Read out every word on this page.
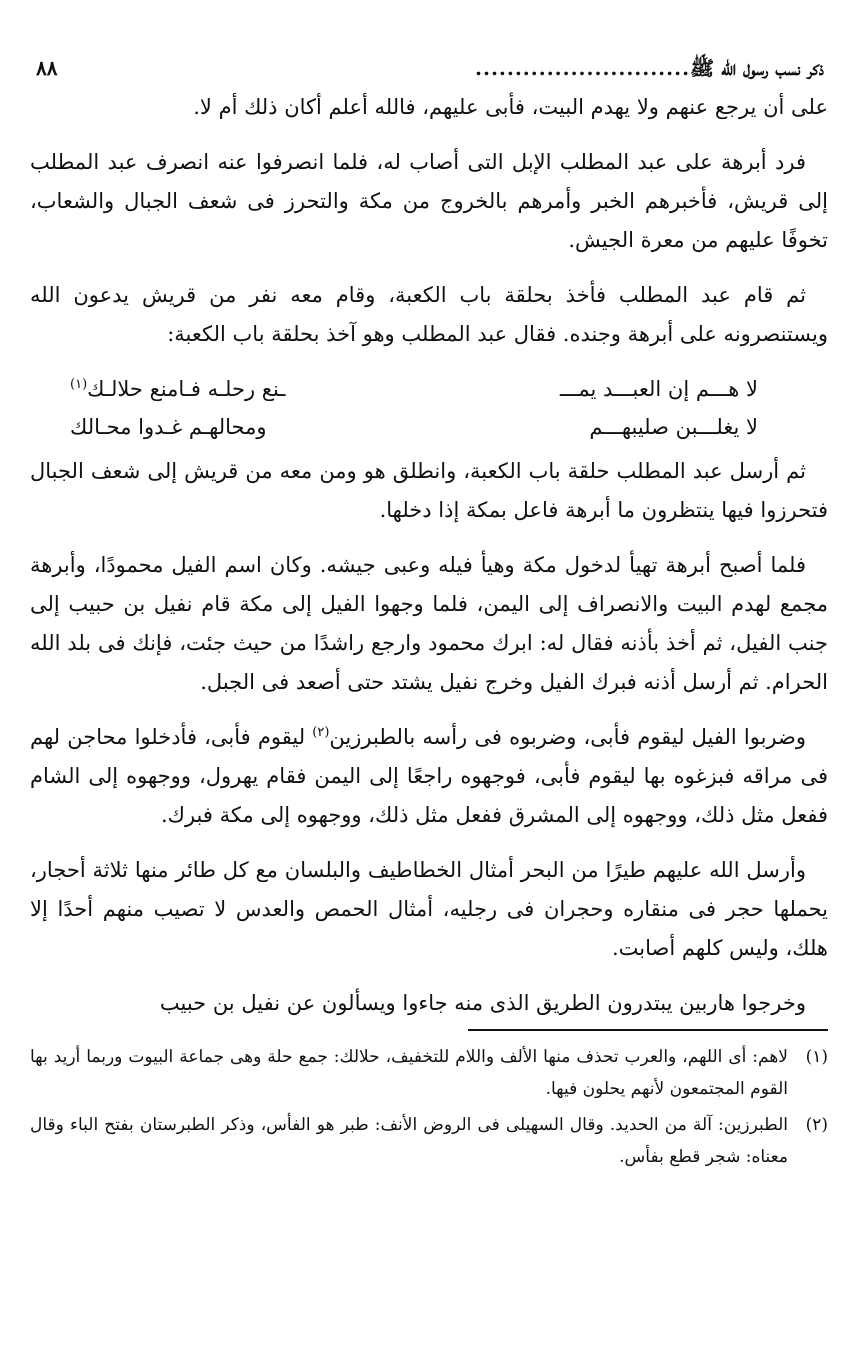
ذكر نسب رسول الله ﷺ
...........................
٨٨

على أن يرجع عنهم ولا يهدم البيت، فأبى عليهم، فالله أعلم أكان ذلك أم لا.

فرد أبرهة على عبد المطلب الإبل التى أصاب له، فلما انصرفوا عنه انصرف عبد المطلب إلى قريش، فأخبرهم الخبر وأمرهم بالخروج من مكة والتحرز فى شعف الجبال والشعاب، تخوفًا عليهم من معرة الجيش.

ثم قام عبد المطلب فأخذ بحلقة باب الكعبة، وقام معه نفر من قريش يدعون الله ويستنصرونه على أبرهة وجنده. فقال عبد المطلب وهو آخذ بحلقة باب الكعبة:

لا هـــم إن العبـــد يمـــ
ـنع رحلـه فـامنع حلالـك$^{(١)}$
لا يغلـــبن صليبهـــم
ومحالهـم غـدوا محـالك

ثم أرسل عبد المطلب حلقة باب الكعبة، وانطلق هو ومن معه من قريش إلى شعف الجبال فتحرزوا فيها ينتظرون ما أبرهة فاعل بمكة إذا دخلها.

فلما أصبح أبرهة تهيأ لدخول مكة وهيأ فيله وعبى جيشه. وكان اسم الفيل محمودًا، وأبرهة مجمع لهدم البيت والانصراف إلى اليمن، فلما وجهوا الفيل إلى مكة قام نفيل بن حبيب إلى جنب الفيل، ثم أخذ بأذنه فقال له: ابرك محمود وارجع راشدًا من حيث جئت، فإنك فى بلد الله الحرام. ثم أرسل أذنه فبرك الفيل وخرج نفيل يشتد حتى أصعد فى الجبل.

وضربوا الفيل ليقوم فأبى، وضربوه فى رأسه بالطبرزين$^{(٢)}$ ليقوم فأبى، فأدخلوا محاجن لهم فى مراقه فبزغوه بها ليقوم فأبى، فوجهوه راجعًا إلى اليمن فقام يهرول، ووجهوه إلى الشام ففعل مثل ذلك، ووجهوه إلى المشرق ففعل مثل ذلك، ووجهوه إلى مكة فبرك.

وأرسل الله عليهم طيرًا من البحر أمثال الخطاطيف والبلسان مع كل طائر منها ثلاثة أحجار، يحملها حجر فى منقاره وحجران فى رجليه، أمثال الحمص والعدس لا تصيب منهم أحدًا إلا هلك، وليس كلهم أصابت.

وخرجوا هاربين يبتدرون الطريق الذى منه جاءوا ويسألون عن نفيل بن حبيب

(١)لاهم: أى اللهم، والعرب تحذف منها الألف واللام للتخفيف، حلالك: جمع حلة وهى جماعة البيوت وربما أريد بها القوم المجتمعون لأنهم يحلون فيها.

(٢)الطبرزين: آلة من الحديد. وقال السهيلى فى الروض الأنف: طبر هو الفأس، وذكر الطبرستان بفتح الباء وقال معناه: شجر قطع بفأس.
